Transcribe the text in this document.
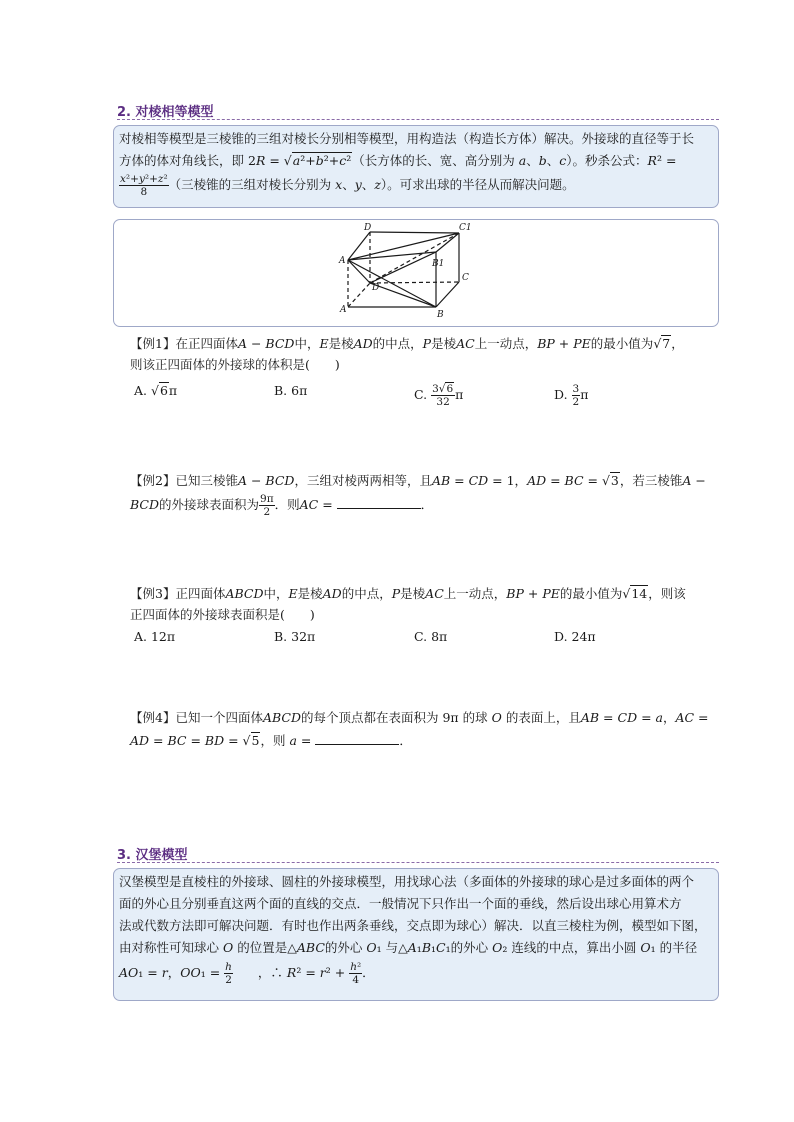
2. 对棱相等模型
对棱相等模型是三棱锥的三组对棱长分别相等模型，用构造法（构造长方体）解决。外接球的直径等于长
方体的体对角线长，即 2R = √a²+b²+c²（长方体的长、宽、高分别为 a、b、c）。秒杀公式：R² =
$\frac{\text{x²+y²+z²}}{8}$ （三棱锥的三组对棱长分别为 x、y、z）。可求出球的半径从而解决问题。
D	C1
A	B1
C
D
A	B
【例1】在正四面体A − BCD中，E是棱AD的中点，P是棱AC上一动点，BP + PE的最小值为√7，
则该正四面体的外接球的体积是(　　)
A. √6π	B. 6π	C. $\frac{3√6}{32}$ π	D. $\frac{3}{2}$ π
【例2】已知三棱锥A − BCD，三组对棱两两相等，且AB = CD = 1，AD = BC = √3，若三棱锥A −
BCD的外接球表面积为 $\frac{9\pi}{2}$ ．则AC =	．
【例3】正四面体ABCD中，E是棱AD的中点，P是棱AC上一动点，BP + PE的最小值为√14，则该
正四面体的外接球表面积是(　　)
A. 12π	B. 32π	C. 8π	D. 24π
【例4】已知一个四面体ABCD的每个顶点都在表面积为 9π 的球 O 的表面上，且AB = CD = a，AC =
AD = BC = BD = √5，则 a =	．
3. 汉堡模型
汉堡模型是直棱柱的外接球、圆柱的外接球模型，用找球心法（多面体的外接球的球心是过多面体的两个
面的外心且分别垂直这两个面的直线的交点．一般情况下只作出一个面的垂线，然后设出球心用算术方
法或代数方法即可解决问题．有时也作出两条垂线，交点即为球心）解决．以直三棱柱为例，模型如下图，
由对称性可知球心 O 的位置是△ABC的外心 O₁ 与△A₁B₁C₁的外心 O₂ 连线的中点，算出小圆 O₁ 的半径
AO₁ = r，$OO_1 = \frac{h}{2}$ 　　，∴ $R^2 = r^2 + \frac{\text{h²}}{4}$ ．
